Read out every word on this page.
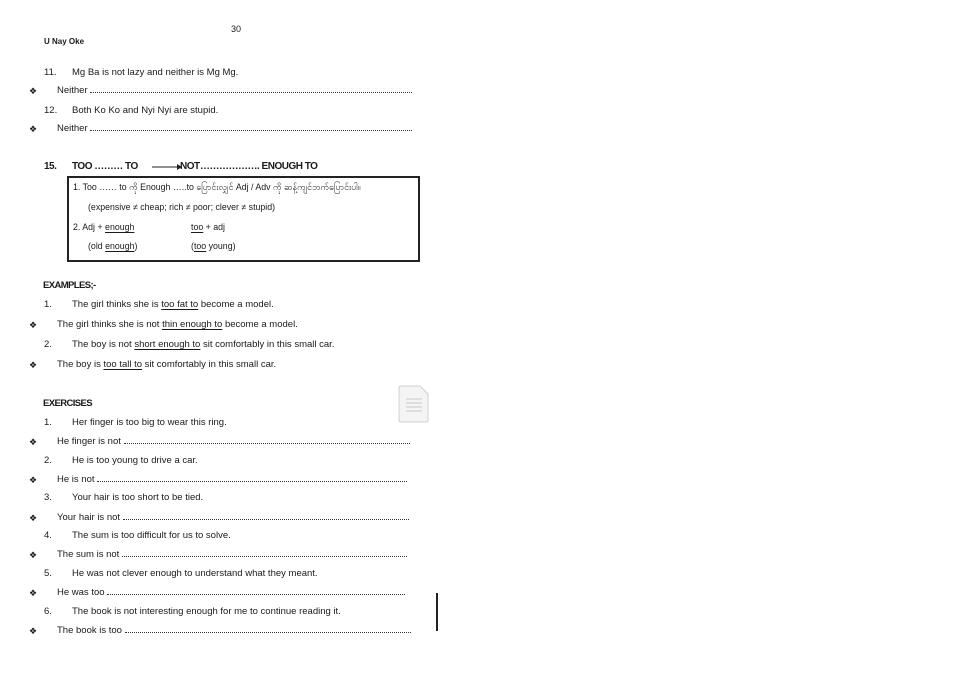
30
U Nay Oke
11. Mg Ba is not lazy and neither is Mg Mg.
❖ Neither
12. Both Ko Ko and Nyi Nyi are stupid.
❖ Neither
15. TOO ……… TO	NOT ………………. ENOUGH TO
1. Too …… to ကို Enough …..to ပြောင်းလျှင် Adj / Adv ကို ဆန့်ကျင်ဘက်ပြောင်းပါ။
(expensive ≠ cheap; rich ≠ poor; clever ≠ stupid)
2. Adj + enough	too + adj
(old enough)	(too young)
EXAMPLES;-
1. The girl thinks she is too fat to become a model.
❖ The girl thinks she is not thin enough to become a model.
2. The boy is not short enough to sit comfortably in this small car.
❖ The boy is too tall to sit comfortably in this small car.
EXERCISES
1. Her finger is too big to wear this ring.
❖ He finger is not
2. He is too young to drive a car.
❖ He is not
3. Your hair is too short to be tied.
❖ Your hair is not
4. The sum is too difficult for us to solve.
❖ The sum is not
5. He was not clever enough to understand what they meant.
❖ He was too
6. The book is not interesting enough for me to continue reading it.
❖ The book is too
